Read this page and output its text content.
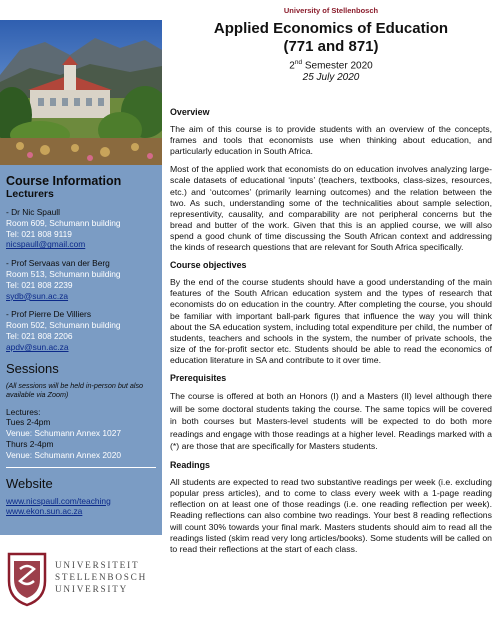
Course Information
Lecturers
- Dr Nic Spaull
Room 609, Schumann building
Tel: 021 808 9119
nicspaull@gmail.com
- Prof Servaas van der Berg
Room 513, Schumann building
Tel: 021 808 2239
sydb@sun.ac.za
- Prof Pierre De Villiers
Room 502, Schumann building
Tel: 021 808 2206
apdv@sun.ac.za
Sessions
(All sessions will be held in-person but also available via Zoom)
Lectures:
Tues 2-4pm
Venue: Schumann Annex 1027
Thurs 2-4pm
Venue: Schumann Annex 2020
Website
www.nicspaull.com/teaching
www.ekon.sun.ac.za
UNIVERSITEIT
STELLENBOSCH
UNIVERSITY
University of Stellenbosch
Applied Economics of Education
(771 and 871)
2nd Semester 2020
25 July 2020
Overview

The aim of this course is to provide students with an overview of the concepts, frames and tools that economists use when thinking about education, and particularly education in South Africa.

Most of the applied work that economists do on education involves analyzing large-scale datasets of educational ‘inputs’ (teachers, textbooks, class-sizes, resources, etc.) and ‘outcomes’ (primarily learning outcomes) and the relation between the two. As such, understanding some of the technicalities about sample selection, representivity, causality, and comparability are not peripheral concerns but the bread and butter of the work. Given that this is an applied course, we will also spend a good chunk of time discussing the South African context and addressing the kinds of research questions that are relevant for South Africa specifically.

Course objectives

By the end of the course students should have a good understanding of the main features of the South African education system and the types of research that economists do on education in the country. After completing the course, you should be familiar with important ball-park figures that influence the way you will think about the SA education system, including total expenditure per child, the number of students, teachers and schools in the system, the number of private schools, the size of the for-profit sector etc. Students should be able to read the economics of education literature in SA and contribute to it over time.

Prerequisites

The course is offered at both an Honors (I) and a Masters (II) level although there will be some doctoral students taking the course. The same topics will be covered in both courses but Masters-level students will be expected to do both more readings and engage with those readings at a higher level. Readings marked with a (*) are those that are specifically for Masters students.

Readings

All students are expected to read two substantive readings per week (i.e. excluding popular press articles), and to come to class every week with a 1-page reading reflection on at least one of those readings (i.e. one reading reflection per week). Reading reflections can also combine two readings. Your best 8 reading reflections will count 30% towards your final mark. Masters students should aim to read all the readings listed (skim read very long articles/books). Some students will be called on to read their reflections at the start of each class.
